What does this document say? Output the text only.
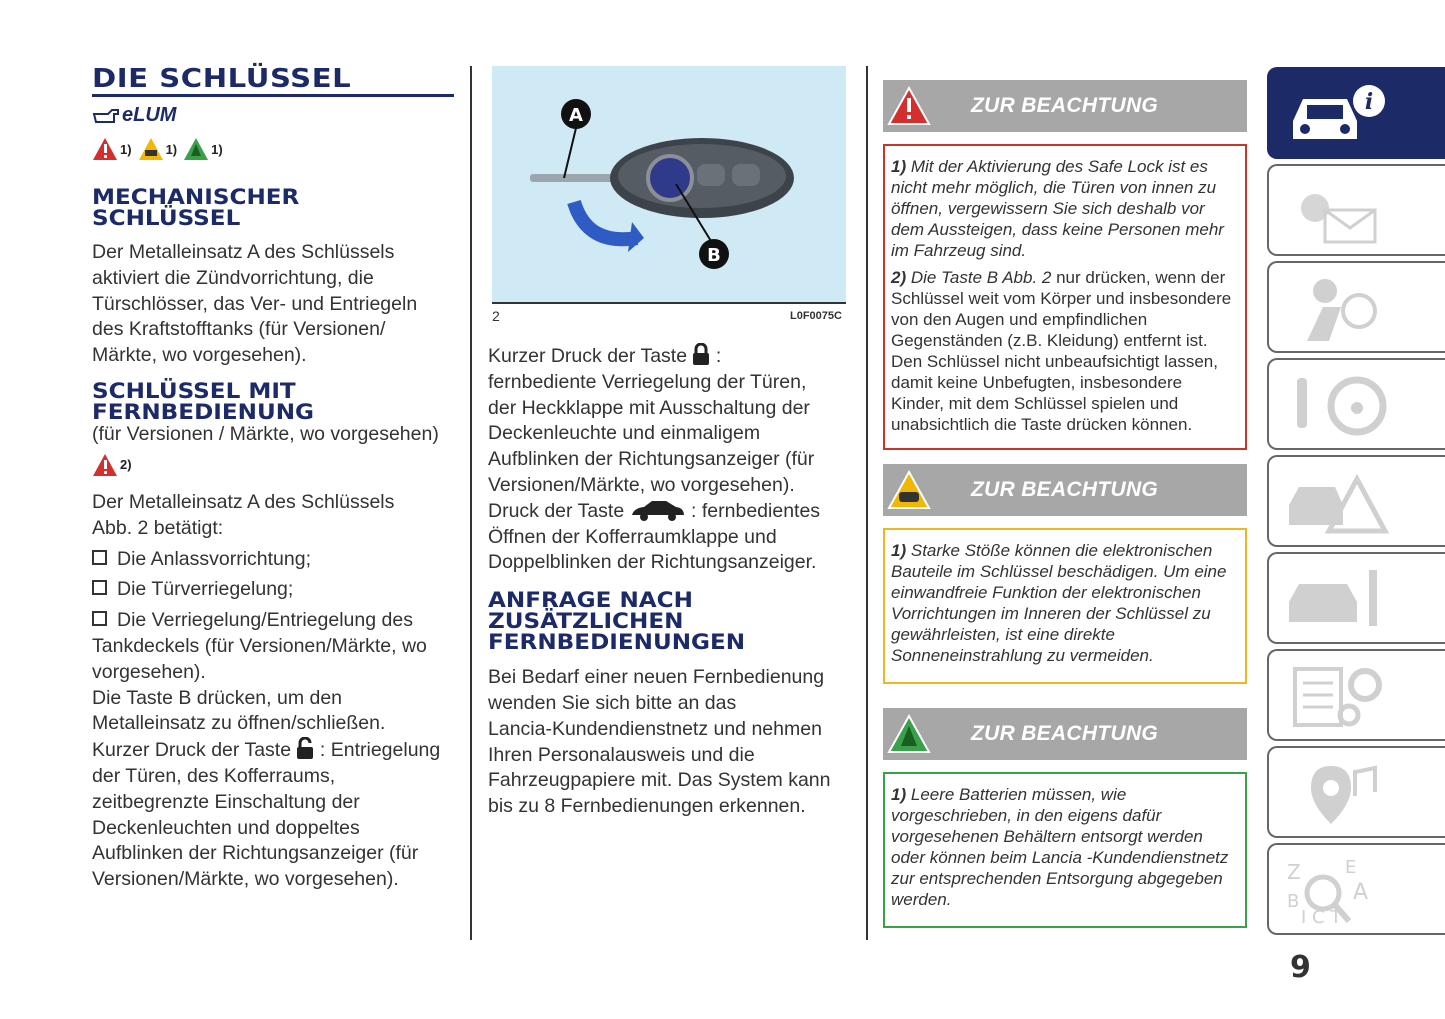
DIE SCHLÜSSEL
eLUM
1)	1)	1)
MECHANISCHER
SCHLÜSSEL

Der Metalleinsatz A des Schlüssels

aktiviert die Zündvorrichtung, die

Türschlösser, das Ver- und Entriegeln

des Kraftstofftanks (für Versionen/

Märkte, wo vorgesehen).

SCHLÜSSEL MIT
FERNBEDIENUNG

(für Versionen / Märkte, wo vorgesehen)

2)

Der Metalleinsatz A des Schlüssels

Abb. 2 betätigt:

Die Anlassvorrichtung;

Die Türverriegelung;

Die Verriegelung/Entriegelung des

Tankdeckels (für Versionen/Märkte, wo

vorgesehen).

Die Taste B drücken, um den

Metalleinsatz zu öffnen/schließen.

Kurzer Druck der Taste : Entriegelung

der Türen, des Kofferraums,

zeitbegrenzte Einschaltung der

Deckenleuchten und doppeltes

Aufblinken der Richtungsanzeiger (für

Versionen/Märkte, wo vorgesehen).

A
B
2	L0F0075C

Kurzer Druck der Taste :

fernbediente Verriegelung der Türen,

der Heckklappe mit Ausschaltung der

Deckenleuchte und einmaligem

Aufblinken der Richtungsanzeiger (für

Versionen/Märkte, wo vorgesehen).

Druck der Taste	: fernbedientes

Öffnen der Kofferraumklappe und

Doppelblinken der Richtungsanzeiger.

ANFRAGE NACH
ZUSÄTZLICHEN
FERNBEDIENUNGEN

Bei Bedarf einer neuen Fernbedienung

wenden Sie sich bitte an das

Lancia-Kundendienstnetz und nehmen

Ihren Personalausweis und die

Fahrzeugpapiere mit. Das System kann

bis zu 8 Fernbedienungen erkennen.

ZUR BEACHTUNG
1) Mit der Aktivierung des Safe Lock ist es nicht mehr möglich, die Türen von innen zu öffnen, vergewissern Sie sich deshalb vor dem Aussteigen, dass keine Personen mehr im Fahrzeug sind.
2) Die Taste B Abb. 2 nur drücken, wenn der Schlüssel weit vom Körper und insbesondere von den Augen und empfindlichen Gegenständen (z.B. Kleidung) entfernt ist. Den Schlüssel nicht unbeaufsichtigt lassen, damit keine Unbefugten, insbesondere Kinder, mit dem Schlüssel spielen und unabsichtlich die Taste drücken können.
ZUR BEACHTUNG
1) Starke Stöße können die elektronischen Bauteile im Schlüssel beschädigen. Um eine einwandfreie Funktion der elektronischen Vorrichtungen im Inneren der Schlüssel zu gewährleisten, ist eine direkte Sonneneinstrahlung zu vermeiden.
ZUR BEACHTUNG
1) Leere Batterien müssen, wie vorgeschrieben, in den eigens dafür vorgesehenen Behältern entsorgt werden oder können beim Lancia -Kundendienstnetz zur entsprechenden Entsorgung abgegeben werden.
i
Z E
A
B
I C T
9
